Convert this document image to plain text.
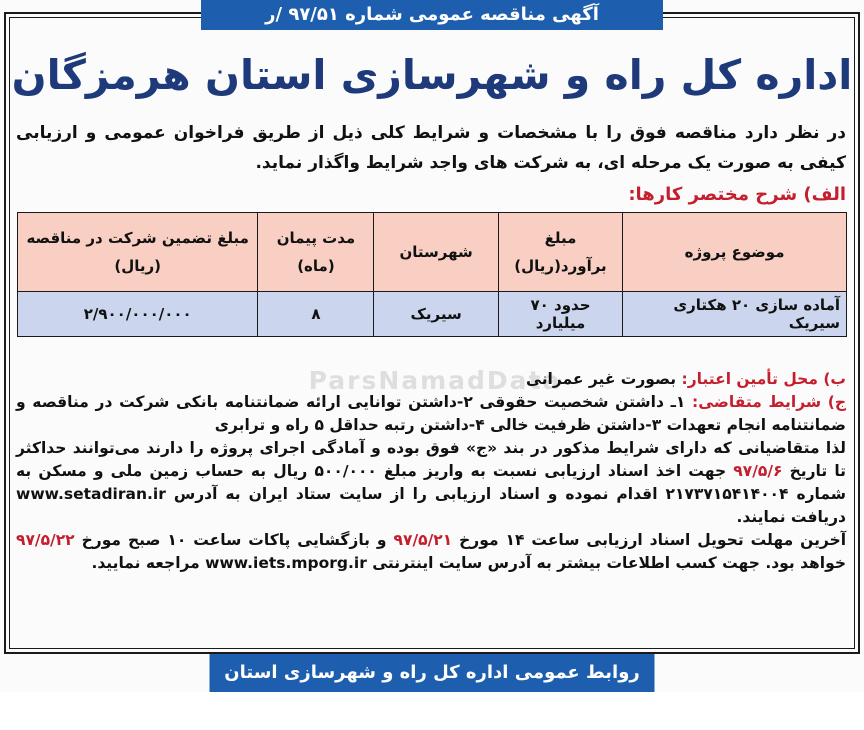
آگهی مناقصه عمومی شماره ۹۷/۵۱ /ر
اداره کل راه و شهرسازی استان هرمزگان
در نظر دارد مناقصه فوق را با مشخصات و شرایط کلی ذیل از طریق فراخوان عمومی و ارزیابی کیفی به صورت یک مرحله ای، به شرکت های واجد شرایط واگذار نماید.
الف) شرح مختصر کارها:
موضوع پروژه	مبلغ برآورد(ریال)	شهرستان	مدت پیمان (ماه)	مبلغ تضمین شرکت در مناقصه (ریال)
آماده سازی ۲۰ هکتاری سیریک	حدود ۷۰ میلیارد	سیریک	۸	۲/۹۰۰/۰۰۰/۰۰۰
ParsNamadData	ب) محل تأمین اعتبار: بصورت غیر عمرانی
ج) شرایط متقاضی: ۱ـ داشتن شخصیت حقوقی ۲-داشتن توانایی ارائه ضمانتنامه بانکی شرکت در مناقصه و ضمانتنامه انجام تعهدات ۳-داشتن ظرفیت خالی ۴-داشتن رتبه حداقل ۵ راه و ترابری
لذا متقاضیانی که دارای شرایط مذکور در بند «ج» فوق بوده و آمادگی اجرای پروژه را دارند می‌توانند حداکثر تا تاریخ ۹۷/۵/۶ جهت اخذ اسناد ارزیابی نسبت به واریز مبلغ ۵۰۰/۰۰۰ ریال به حساب زمین ملی و مسکن به شماره ۲۱۷۳۷۱۵۴۱۴۰۰۴ اقدام نموده و اسناد ارزیابی را از سایت ستاد ایران به آدرس www.setadiran.ir دریافت نمایند.
آخرین مهلت تحویل اسناد ارزیابی ساعت ۱۴ مورخ ۹۷/۵/۲۱ و بازگشایی پاکات ساعت ۱۰ صبح مورخ ۹۷/۵/۲۲ خواهد بود. جهت کسب اطلاعات بیشتر به آدرس سایت اینترنتی www.iets.mporg.ir مراجعه نمایید.
روابط عمومی اداره کل راه و شهرسازی استان هرمزگان
